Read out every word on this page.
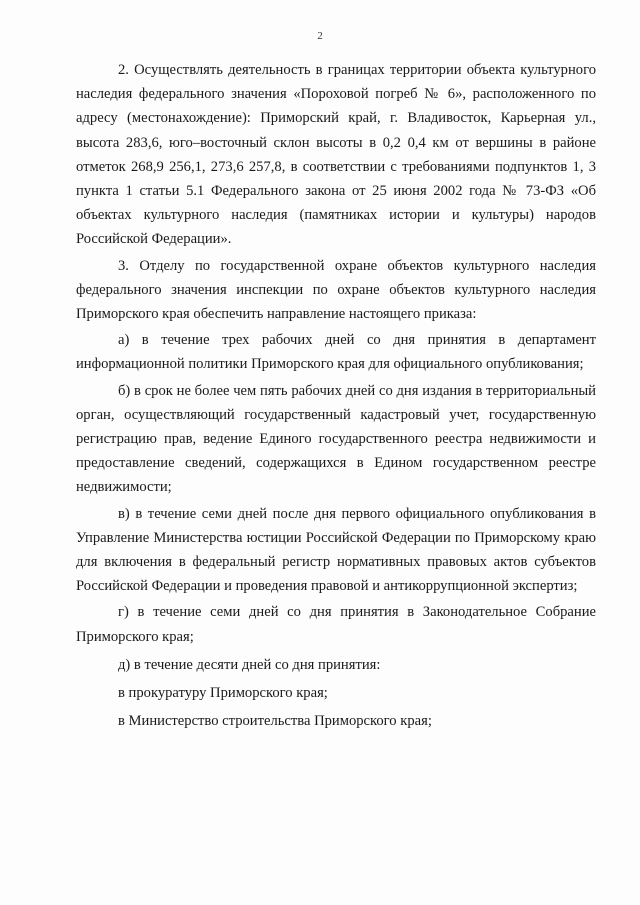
2

2. Осуществлять деятельность в границах территории объекта культурного наследия федерального значения «Пороховой погреб № 6», расположенного по адресу (местонахождение): Приморский край, г. Владивосток, Карьерная ул., высота 283,6, юго–восточный склон высоты в 0,2 0,4 км от вершины в районе отметок 268,9 256,1, 273,6 257,8, в соответствии с требованиями подпунктов 1, 3 пункта 1 статьи 5.1 Федерального закона от 25 июня 2002 года № 73-ФЗ «Об объектах культурного наследия (памятниках истории и культуры) народов Российской Федерации».

3. Отделу по государственной охране объектов культурного наследия федерального значения инспекции по охране объектов культурного наследия Приморского края обеспечить направление настоящего приказа:

а) в течение трех рабочих дней со дня принятия в департамент информационной политики Приморского края для официального опубликования;

б) в срок не более чем пять рабочих дней со дня издания в территориальный орган, осуществляющий государственный кадастровый учет, государственную регистрацию прав, ведение Единого государственного реестра недвижимости и предоставление сведений, содержащихся в Едином государственном реестре недвижимости;

в) в течение семи дней после дня первого официального опубликования в Управление Министерства юстиции Российской Федерации по Приморскому краю для включения в федеральный регистр нормативных правовых актов субъектов Российской Федерации и проведения правовой и антикоррупционной экспертиз;

г) в течение семи дней со дня принятия в Законодательное Собрание Приморского края;

д) в течение десяти дней со дня принятия:

в прокуратуру Приморского края;

в Министерство строительства Приморского края;
